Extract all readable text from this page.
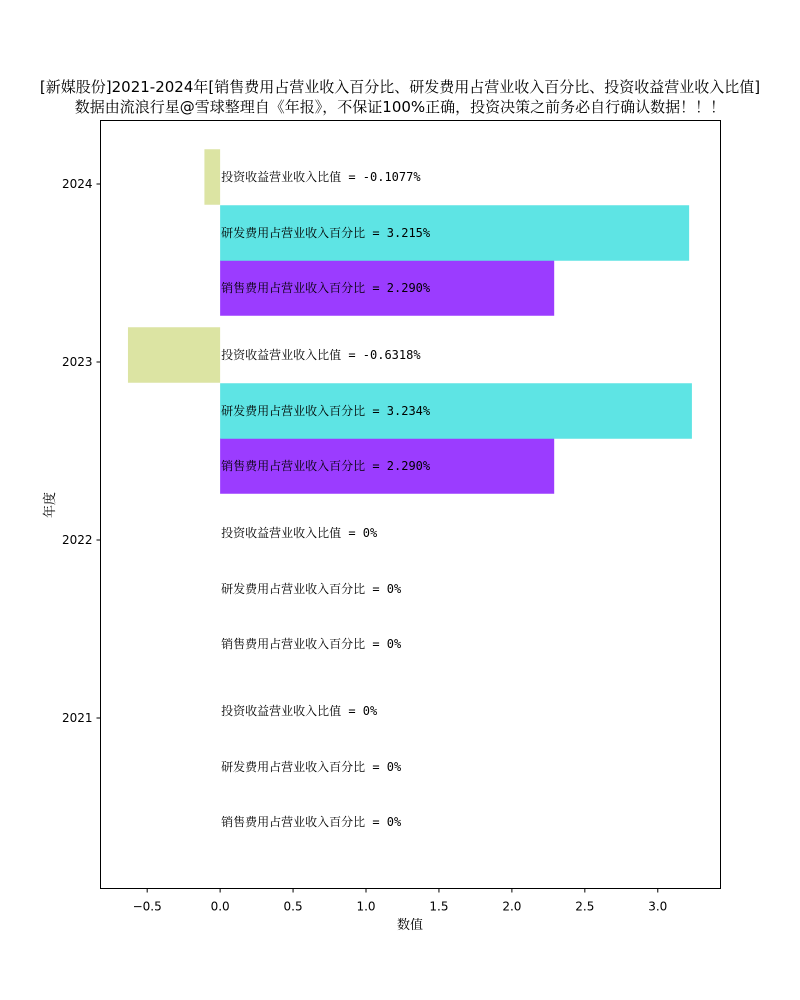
[新媒股份]2021-2024年[销售费用占营业收入百分比、研发费用占营业收入百分比、投资收益营业收入比值]
数据由流浪行星@雪球整理自《年报》，不保证100%正确，投资决策之前务必自行确认数据！！！
销售费用占营业收入百分比 = 0%
销售费用占营业收入百分比 = 0%
销售费用占营业收入百分比 = 2.290%
销售费用占营业收入百分比 = 2.290%
研发费用占营业收入百分比 = 0%
研发费用占营业收入百分比 = 0%
研发费用占营业收入百分比 = 3.234%
研发费用占营业收入百分比 = 3.215%
投资收益营业收入比值 = 0%
投资收益营业收入比值 = 0%
投资收益营业收入比值 = -0.6318%
投资收益营业收入比值 = -0.1077%
−0.5	0.0	0.5	1.0	1.5	2.0	2.5	3.0
2021
2022
2023
2024
数值
年度
